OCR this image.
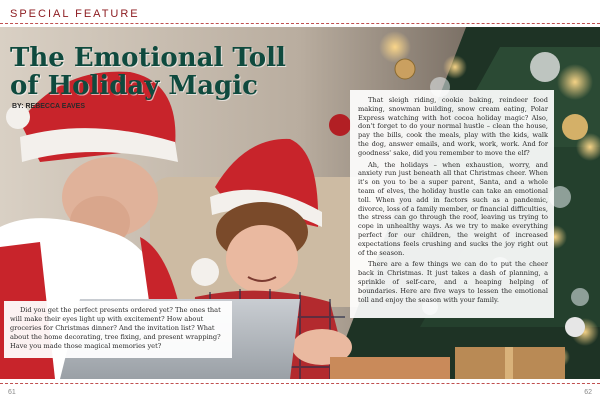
SPECIAL FEATURE
The Emotional Toll
of Holiday Magic
BY: REBECCA EAVES

That sleigh riding, cookie baking, reindeer food making, snowman building, snow cream eating, Polar Express watching with hot cocoa holiday magic? Also, don't forget to do your normal hustle – clean the house, pay the bills, cook the meals, play with the kids, walk the dog, answer emails, and work, work, work. And for goodness' sake, did you remember to move the elf?

Ah, the holidays – when exhaustion, worry, and anxiety run just beneath all that Christmas cheer. When it's on you to be a super parent, Santa, and a whole team of elves, the holiday hustle can take an emotional toll. When you add in factors such as a pandemic, divorce, loss of a family member, or financial difficulties, the stress can go through the roof, leaving us trying to cope in unhealthy ways. As we try to make everything perfect for our children, the weight of increased expectations feels crushing and sucks the joy right out of the season.

There are a few things we can do to put the cheer back in Christmas. It just takes a dash of planning, a sprinkle of self-care, and a heaping helping of boundaries. Here are five ways to lessen the emotional toll and enjoy the season with your family.

Did you get the perfect presents ordered yet? The ones that will make their eyes light up with excitement? How about groceries for Christmas dinner? And the invitation list? What about the home decorating, tree fixing, and present wrapping? Have you made those magical memories yet?
61	62
